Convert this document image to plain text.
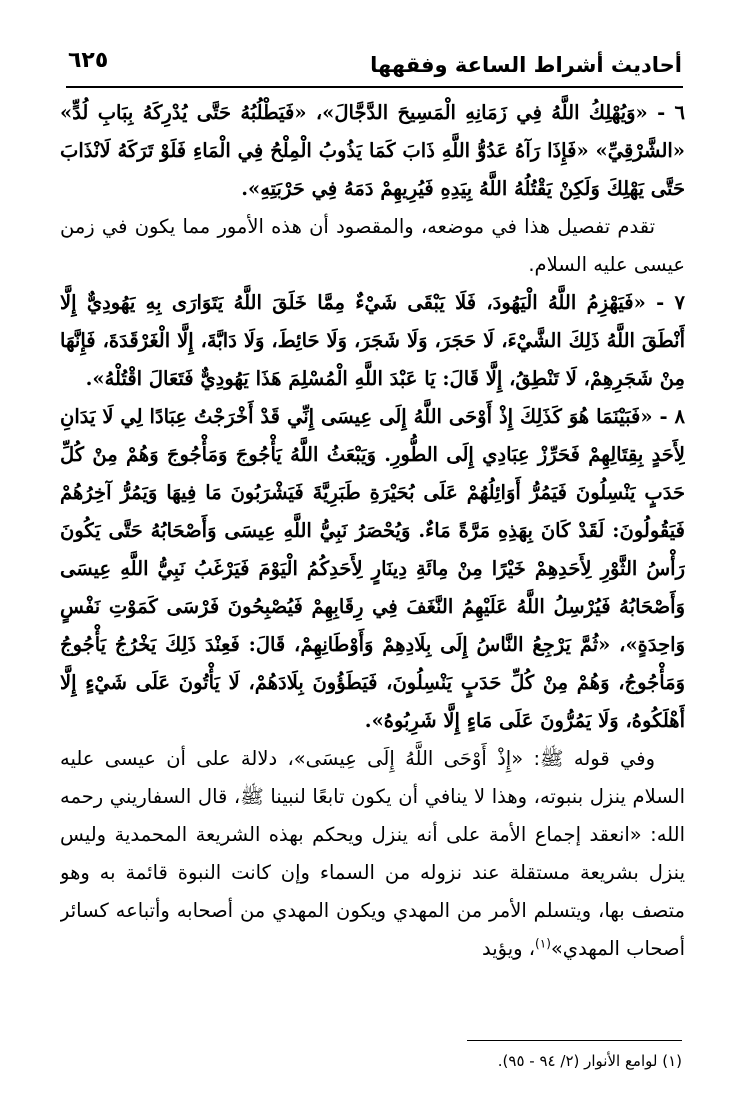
أحاديث أشراط الساعة وفقهها
٦٢٥

٦ - «وَيُهْلِكُ اللَّهُ فِي زَمَانِهِ الْمَسِيحَ الدَّجَّالَ»، «فَيَطْلُبُهُ حَتَّى يُدْرِكَهُ بِبَابِ لُدٍّ» «الشَّرْقِيِّ» «فَإِذَا رَآهُ عَدُوُّ اللَّهِ ذَابَ كَمَا يَذُوبُ الْمِلْحُ فِي الْمَاءِ فَلَوْ تَرَكَهُ لَانْذَابَ حَتَّى يَهْلِكَ وَلَكِنْ يَقْتُلُهُ اللَّهُ بِيَدِهِ فَيُرِيهِمْ دَمَهُ فِي حَرْبَتِهِ».

تقدم تفصيل هذا في موضعه، والمقصود أن هذه الأمور مما يكون في زمن عيسى عليه السلام.

٧ - «فَيَهْزِمُ اللَّهُ الْيَهُودَ، فَلَا يَبْقَى شَيْءٌ مِمَّا خَلَقَ اللَّهُ يَتَوَارَى بِهِ يَهُودِيٌّ إِلَّا أَنْطَقَ اللَّهُ ذَلِكَ الشَّيْءَ، لَا حَجَرَ، وَلَا شَجَرَ، وَلَا حَائِطَ، وَلَا دَابَّةَ، إِلَّا الْغَرْقَدَةَ، فَإِنَّهَا مِنْ شَجَرِهِمْ، لَا تَنْطِقُ، إِلَّا قَالَ: يَا عَبْدَ اللَّهِ الْمُسْلِمَ هَذَا يَهُودِيٌّ فَتَعَالَ اقْتُلْهُ».

٨ - «فَبَيْنَمَا هُوَ كَذَلِكَ إِذْ أَوْحَى اللَّهُ إِلَى عِيسَى إِنِّي قَدْ أَخْرَجْتُ عِبَادًا لِي لَا يَدَانِ لِأَحَدٍ بِقِتَالِهِمْ فَحَرِّزْ عِبَادِي إِلَى الطُّورِ. وَيَبْعَثُ اللَّهُ يَأْجُوجَ وَمَأْجُوجَ وَهُمْ مِنْ كُلِّ حَدَبٍ يَنْسِلُونَ فَيَمُرُّ أَوَائِلُهُمْ عَلَى بُحَيْرَةِ طَبَرِيَّةَ فَيَشْرَبُونَ مَا فِيهَا وَيَمُرُّ آخِرُهُمْ فَيَقُولُونَ: لَقَدْ كَانَ بِهَذِهِ مَرَّةً مَاءٌ. وَيُحْصَرُ نَبِيُّ اللَّهِ عِيسَى وَأَصْحَابُهُ حَتَّى يَكُونَ رَأْسُ الثَّوْرِ لِأَحَدِهِمْ خَيْرًا مِنْ مِائَةِ دِينَارٍ لِأَحَدِكُمُ الْيَوْمَ فَيَرْغَبُ نَبِيُّ اللَّهِ عِيسَى وَأَصْحَابُهُ فَيُرْسِلُ اللَّهُ عَلَيْهِمُ النَّغَفَ فِي رِقَابِهِمْ فَيُصْبِحُونَ فَرْسَى كَمَوْتِ نَفْسٍ وَاحِدَةٍ»، «ثُمَّ يَرْجِعُ النَّاسُ إِلَى بِلَادِهِمْ وَأَوْطَانِهِمْ، قَالَ: فَعِنْدَ ذَلِكَ يَخْرُجُ يَأْجُوجُ وَمَأْجُوجُ، وَهُمْ مِنْ كُلِّ حَدَبٍ يَنْسِلُونَ، فَيَطَؤُونَ بِلَادَهُمْ، لَا يَأْتُونَ عَلَى شَيْءٍ إِلَّا أَهْلَكُوهُ، وَلَا يَمُرُّونَ عَلَى مَاءٍ إِلَّا شَرِبُوهُ».

وفي قوله ﷺ: «إِذْ أَوْحَى اللَّهُ إِلَى عِيسَى»، دلالة على أن عيسى عليه السلام ينزل بنبوته، وهذا لا ينافي أن يكون تابعًا لنبينا ﷺ، قال السفاريني رحمه الله: «انعقد إجماع الأمة على أنه ينزل ويحكم بهذه الشريعة المحمدية وليس ينزل بشريعة مستقلة عند نزوله من السماء وإن كانت النبوة قائمة به وهو متصف بها، ويتسلم الأمر من المهدي ويكون المهدي من أصحابه وأتباعه كسائر أصحاب المهدي»$^{(١)}$، ويؤيد

(١) لوامع الأنوار (٢/ ٩٤ - ٩٥).
